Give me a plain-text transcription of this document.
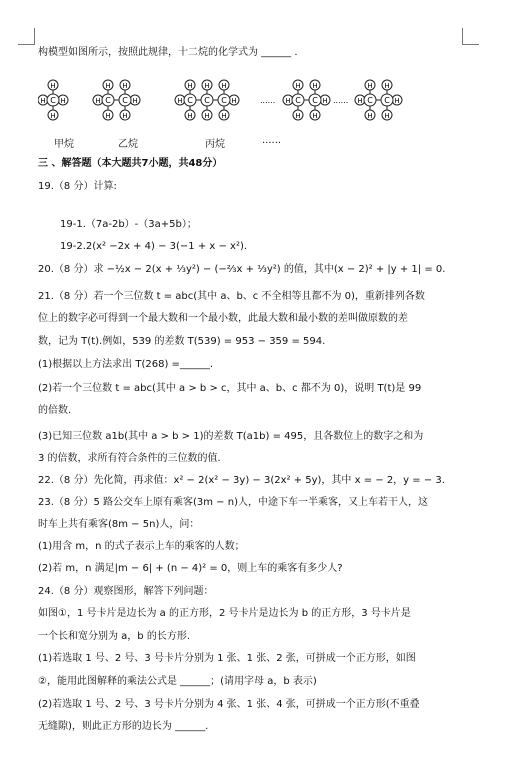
构模型如图所示，按照此规律，十二烷的化学式为 ______ .
H H
H
H
C	H	H
H
H
C
H
H
C	H	H
H
H
C
H
H
C
H
H
C	...... H	H
H
H
C
H
H
C ...... H	H
H
H
C
H
H
C
甲烷	乙烷	丙烷	......
三 、解答题（本大题共7小题，共48分）
19.（8 分）计算:
19-1.（7a-2b）-（3a+5b）；
19-2.2(x² −2x + 4) − 3(−1 + x − x²).
20.（8 分）求 −½x − 2(x + ⅓y²) − (−⅔x + ⅓y²) 的值，其中(x − 2)² + |y + 1| = 0.
21.（8 分）若一个三位数 t = abc(其中 a、b、c 不全相等且都不为 0)，重新排列各数
位上的数字必可得到一个最大数和一个最小数，此最大数和最小数的差叫做原数的差
数，记为 T(t).例如，539 的差数 T(539) = 953 − 359 = 594.
(1)根据以上方法求出 T(268) =______.
(2)若一个三位数 t = abc(其中 a > b > c，其中 a、b、c 都不为 0)，说明 T(t)是 99
的倍数.
(3)已知三位数 a1b(其中 a > b > 1)的差数 T(a1b) = 495，且各数位上的数字之和为
3 的倍数，求所有符合条件的三位数的值.
22.（8 分）先化简，再求值：x² − 2(x² − 3y) − 3(2x² + 5y)，其中 x = − 2，y = − 3.
23.（8 分）5 路公交车上原有乘客(3m − n)人，中途下车一半乘客，又上车若干人，这
时车上共有乘客(8m − 5n)人，问：
(1)用含 m，n 的式子表示上车的乘客的人数；
(2)若 m，n 满足|m − 6| + (n − 4)² = 0，则上车的乘客有多少人?
24.（8 分）观察图形，解答下列问题：
如图①，1 号卡片是边长为 a 的正方形，2 号卡片是边长为 b 的正方形，3 号卡片是
一个长和宽分别为 a，b 的长方形.
(1)若选取 1 号、2 号、3 号卡片分别为 1 张、1 张、2 张，可拼成一个正方形，如图
②，能用此图解释的乘法公式是 ______；(请用字母 a，b 表示)
(2)若选取 1 号、2 号、3 号卡片分别为 4 张、1 张、4 张，可拼成一个正方形(不重叠
无缝隙)，则此正方形的边长为 ______.
